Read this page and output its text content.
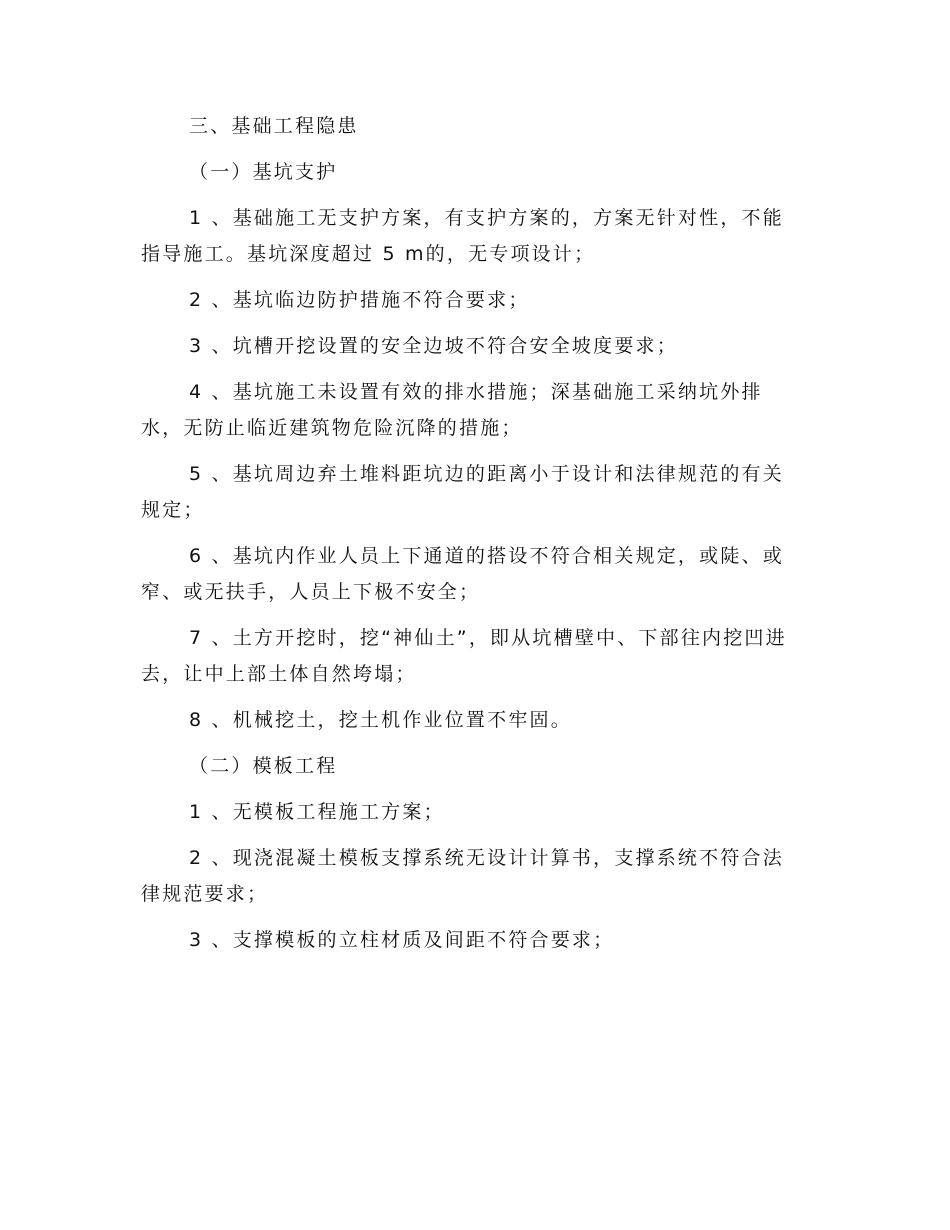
三、基础工程隐患

（一）基坑支护

1 、基础施工无支护方案，有支护方案的，方案无针对性，不能指导施工。基坑深度超过 5 m的，无专项设计；

2 、基坑临边防护措施不符合要求；

3 、坑槽开挖设置的安全边坡不符合安全坡度要求；

4 、基坑施工未设置有效的排水措施；深基础施工采纳坑外排水，无防止临近建筑物危险沉降的措施；

5 、基坑周边弃土堆料距坑边的距离小于设计和法律规范的有关规定；

6 、基坑内作业人员上下通道的搭设不符合相关规定，或陡、或窄、或无扶手，人员上下极不安全；

7 、土方开挖时，挖“神仙土”，即从坑槽壁中、下部往内挖凹进去，让中上部土体自然垮塌；

8 、机械挖土，挖土机作业位置不牢固。

（二）模板工程

1 、无模板工程施工方案；

2 、现浇混凝土模板支撑系统无设计计算书，支撑系统不符合法律规范要求；

3 、支撑模板的立柱材质及间距不符合要求；
